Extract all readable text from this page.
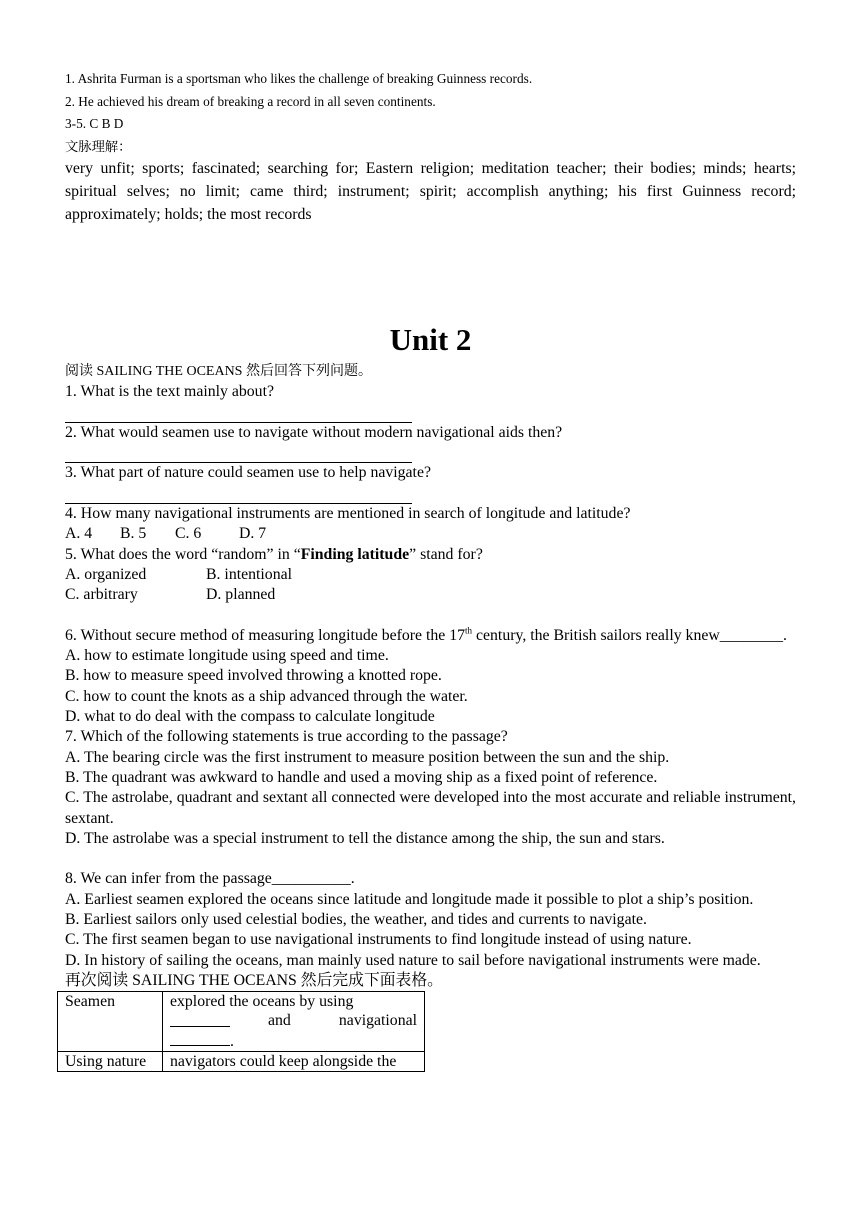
1. Ashrita Furman is a sportsman who likes the challenge of breaking Guinness records.
2. He achieved his dream of breaking a record in all seven continents.
3-5. C B D
文脉理解：
very unfit; sports; fascinated; searching for; Eastern religion; meditation teacher; their bodies; minds; hearts; spiritual selves; no limit; came third; instrument; spirit; accomplish anything; his first Guinness record; approximately; holds; the most records
Unit 2
阅读 SAILING THE OCEANS 然后回答下列问题。
1. What is the text mainly about?
2. What would seamen use to navigate without modern navigational aids then?
3. What part of nature could seamen use to help navigate?
4. How many navigational instruments are mentioned in search of longitude and latitude?
A. 4	B. 5	C. 6	D. 7
5. What does the word “random” in “Finding latitude” stand for?
A. organized	B. intentional
C. arbitrary	D. planned
6. Without secure method of measuring longitude before the 17th century, the British sailors really knew________.
A. how to estimate longitude using speed and time.
B. how to measure speed involved throwing a knotted rope.
C. how to count the knots as a ship advanced through the water.
D. what to do deal with the compass to calculate longitude
7. Which of the following statements is true according to the passage?
A. The bearing circle was the first instrument to measure position between the sun and the ship.
B. The quadrant was awkward to handle and used a moving ship as a fixed point of reference.
C. The astrolabe, quadrant and sextant all connected were developed into the most accurate and reliable instrument, sextant.
D. The astrolabe was a special instrument to tell the distance among the ship, the sun and stars.
8. We can infer from the passage__________.
A. Earliest seamen explored the oceans since latitude and longitude made it possible to plot a ship’s position.
B. Earliest sailors only used celestial bodies, the weather, and tides and currents to navigate.
C. The first seamen began to use navigational instruments to find longitude instead of using nature.
D. In history of sailing the oceans, man mainly used nature to sail before navigational instruments were made.
再次阅读 SAILING THE OCEANS 然后完成下面表格。
Seamen	explored the oceans by using
and navigational
.

Using nature	navigators could keep alongside the
